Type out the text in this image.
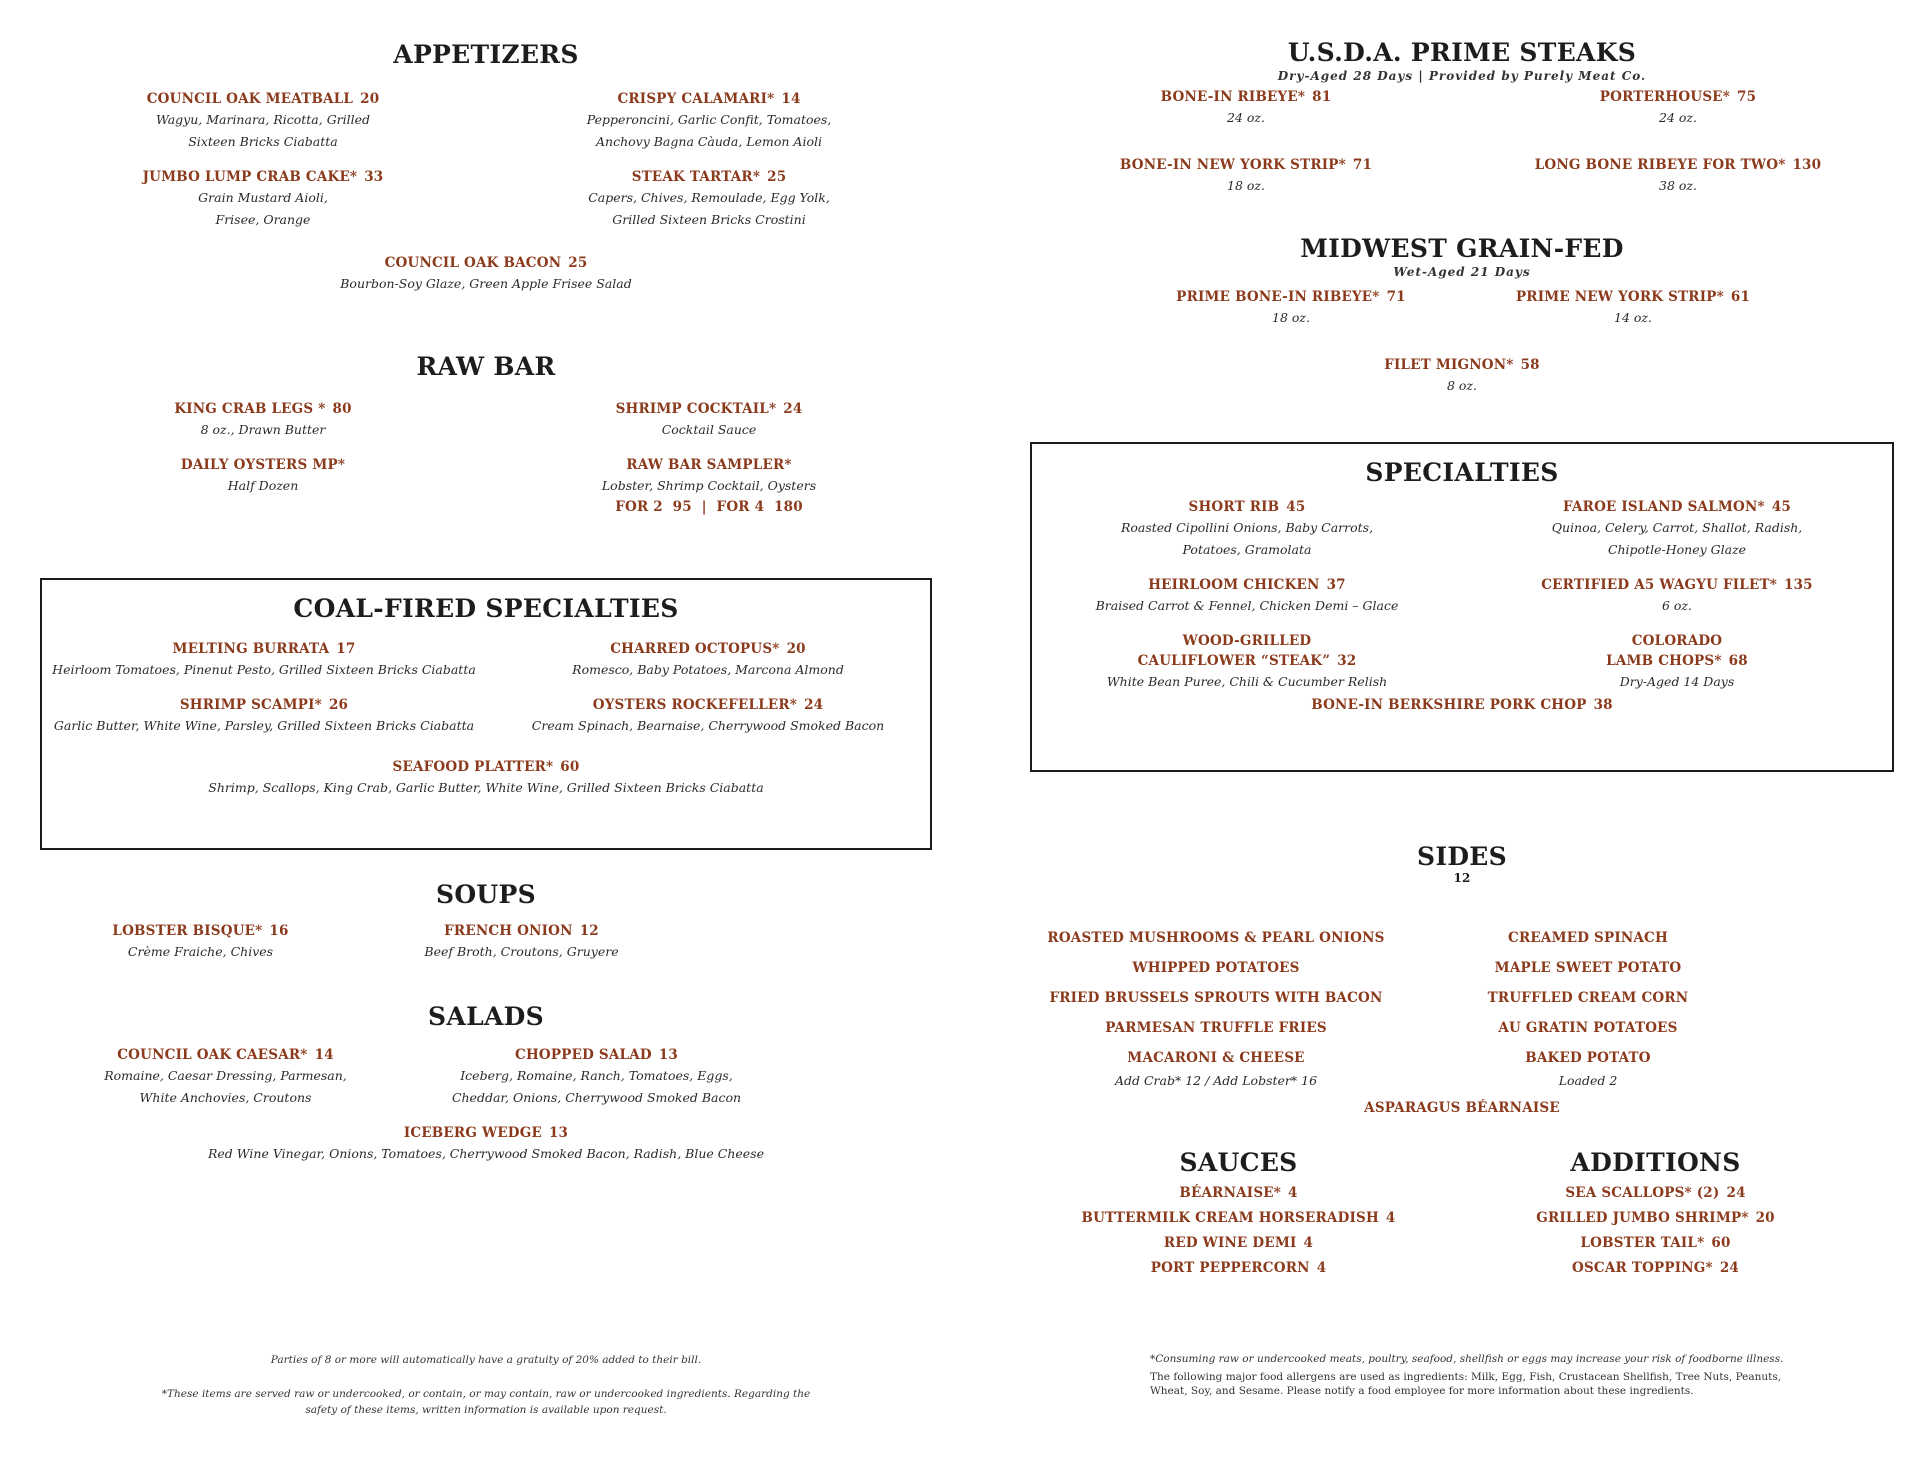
APPETIZERS
COUNCIL OAK MEATBALL 20
Wagyu, Marinara, Ricotta, Grilled
Sixteen Bricks Ciabatta
CRISPY CALAMARI* 14
Pepperoncini, Garlic Confit, Tomatoes,
Anchovy Bagna Càuda, Lemon Aioli
JUMBO LUMP CRAB CAKE* 33
Grain Mustard Aioli,
Frisee, Orange
STEAK TARTAR* 25
Capers, Chives, Remoulade, Egg Yolk,
Grilled Sixteen Bricks Crostini
COUNCIL OAK BACON 25
Bourbon-Soy Glaze, Green Apple Frisee Salad
RAW BAR
KING CRAB LEGS * 80
8 oz., Drawn Butter
SHRIMP COCKTAIL* 24
Cocktail Sauce
DAILY OYSTERS MP*
Half Dozen
RAW BAR SAMPLER*
Lobster, Shrimp Cocktail, Oysters
FOR 2  95  |  FOR 4  180
COAL-FIRED SPECIALTIES
MELTING BURRATA 17
Heirloom Tomatoes, Pinenut Pesto, Grilled Sixteen Bricks Ciabatta
CHARRED OCTOPUS* 20
Romesco, Baby Potatoes, Marcona Almond
SHRIMP SCAMPI* 26
Garlic Butter, White Wine, Parsley, Grilled Sixteen Bricks Ciabatta
OYSTERS ROCKEFELLER* 24
Cream Spinach, Bearnaise, Cherrywood Smoked Bacon
SEAFOOD PLATTER* 60
Shrimp, Scallops, King Crab, Garlic Butter, White Wine, Grilled Sixteen Bricks Ciabatta
SOUPS
LOBSTER BISQUE* 16
Crème Fraiche, Chives
FRENCH ONION 12
Beef Broth, Croutons, Gruyere
SALADS
COUNCIL OAK CAESAR* 14
Romaine, Caesar Dressing, Parmesan,
White Anchovies, Croutons
CHOPPED SALAD 13
Iceberg, Romaine, Ranch, Tomatoes, Eggs,
Cheddar, Onions, Cherrywood Smoked Bacon
ICEBERG WEDGE 13
Red Wine Vinegar, Onions, Tomatoes, Cherrywood Smoked Bacon, Radish, Blue Cheese
Parties of 8 or more will automatically have a gratuity of 20% added to their bill.
*These items are served raw or undercooked, or contain, or may contain, raw or undercooked ingredients. Regarding the
safety of these items, written information is available upon request.
U.S.D.A. PRIME STEAKS
Dry-Aged 28 Days | Provided by Purely Meat Co.
BONE-IN RIBEYE* 81
24 oz.
PORTERHOUSE* 75
24 oz.
BONE-IN NEW YORK STRIP* 71
18 oz.
LONG BONE RIBEYE FOR TWO* 130
38 oz.
MIDWEST GRAIN-FED
Wet-Aged 21 Days
PRIME BONE-IN RIBEYE* 71
18 oz.
PRIME NEW YORK STRIP* 61
14 oz.
FILET MIGNON* 58
8 oz.
SPECIALTIES
SHORT RIB 45
Roasted Cipollini Onions, Baby Carrots,
Potatoes, Gramolata
FAROE ISLAND SALMON* 45
Quinoa, Celery, Carrot, Shallot, Radish,
Chipotle-Honey Glaze
HEIRLOOM CHICKEN 37
Braised Carrot & Fennel, Chicken Demi – Glace
CERTIFIED A5 WAGYU FILET* 135
6 oz.
WOOD-GRILLED
CAULIFLOWER “STEAK” 32
White Bean Puree, Chili & Cucumber Relish
COLORADO
LAMB CHOPS* 68
Dry-Aged 14 Days
BONE-IN BERKSHIRE PORK CHOP 38
SIDES
12
ROASTED MUSHROOMS & PEARL ONIONS
WHIPPED POTATOES
FRIED BRUSSELS SPROUTS WITH BACON
PARMESAN TRUFFLE FRIES
MACARONI & CHEESE
Add Crab* 12 / Add Lobster* 16
CREAMED SPINACH
MAPLE SWEET POTATO
TRUFFLED CREAM CORN
AU GRATIN POTATOES
BAKED POTATO
Loaded 2
ASPARAGUS BÉARNAISE
SAUCES
BÉARNAISE* 4
BUTTERMILK CREAM HORSERADISH 4
RED WINE DEMI 4
PORT PEPPERCORN 4
ADDITIONS
SEA SCALLOPS* (2) 24
GRILLED JUMBO SHRIMP* 20
LOBSTER TAIL* 60
OSCAR TOPPING* 24
*Consuming raw or undercooked meats, poultry, seafood, shellfish or eggs may increase your risk of foodborne illness.
The following major food allergens are used as ingredients: Milk, Egg, Fish, Crustacean Shellfish, Tree Nuts, Peanuts,
Wheat, Soy, and Sesame. Please notify a food employee for more information about these ingredients.
